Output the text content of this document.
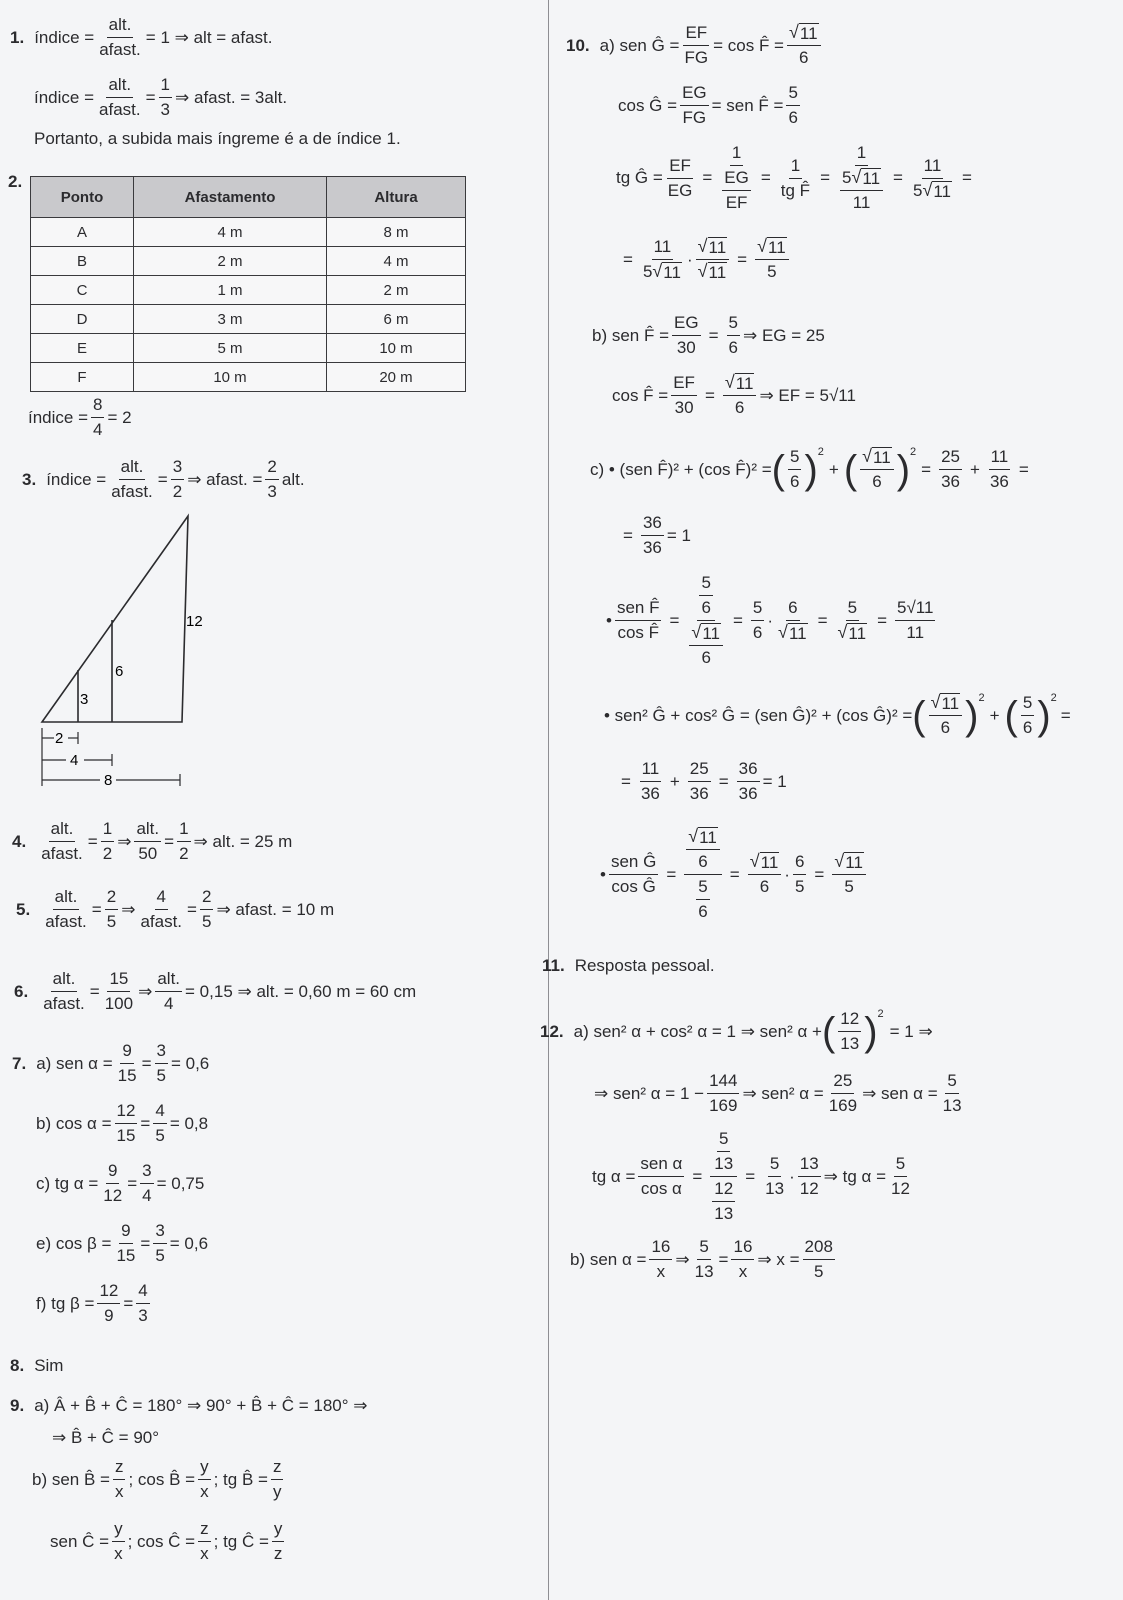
1. índice =
alt.
afast.
= 1 ⇒ alt = afast.
índice =
alt.
afast.
= $\frac{1}{3}$ ⇒ afast. = 3alt.
Portanto, a subida mais íngreme é a de índice 1.
2.
Ponto	Afastamento	Altura
A	4 m	8 m
B	2 m	4 m
C	1 m	2 m
D	3 m	6 m
E	5 m	10 m
F	10 m	20 m
índice = $\frac{8}{4} = 2$
3. índice =
alt.
afast.
= $\frac{3}{2}$ ⇒ afast. = $\frac{2}{3}$ alt.
3
6
12
2
4
8
4.
alt.
afast.
= $\frac{1}{2}$ ⇒
alt.
50
= $\frac{1}{2}$ ⇒ alt. = 25 m
5.
alt.
afast.
= $\frac{2}{5}$ ⇒
4
afast.
= $\frac{2}{5}$ ⇒ afast. = 10 m
6.
alt.
afast.
= $\frac{15}{100}$ ⇒
alt.
4
= 0,15 ⇒ alt. = 0,60 m = 60 cm
7. a) sen $\alpha = \frac{9}{15} = \frac{3}{5} = 0,6$
b) $\cos \alpha = \frac{12}{15} = \frac{4}{5} = 0,8$
c) tg $\alpha = \frac{9}{12} = \frac{3}{4} = 0,75$
e) $\cos \beta = \frac{9}{15} = \frac{3}{5} = 0,6$
f) tg $\beta = \frac{12}{9} = \frac{4}{3}$
8. Sim
9. a) Â + B̂ + Ĉ = 180° ⇒ 90° + B̂ + Ĉ = 180° ⇒
⇒ B̂ + Ĉ = 90°
b) sen B̂ = $\frac{z}{x}$ ; cos B̂ = $\frac{y}{x}$ ; tg B̂ = $\frac{z}{y}$
sen Ĉ = $\frac{y}{x}$ ; cos Ĉ = $\frac{z}{x}$ ; tg Ĉ = $\frac{y}{z}$
10. a) sen Ĝ = $\frac{EF}{FG} = \cos$ F̂ = $\frac{√ 11}{6}$
cos Ĝ = $\frac{EG}{FG}$ = sen F̂ = $\frac{5}{6}$
tg Ĝ = $\frac{EF}{EG}$ =
1
$\frac{EG}{EF} = \frac{1}{\text{tg F̂}} = \frac{1}{\frac{5 √ 11}{11}} = \frac{11}{5 √ 11}$ =
= $\frac{11}{5 √ 11} \cdot \frac{√ 11}{√ 11} = \frac{√ 11}{5}$
b) sen F̂ = $\frac{EG}{30} = \frac{5}{6}$ ⇒ EG = 25
cos F̂ = $\frac{EF}{30} = \frac{√ 11}{6}$ ⇒ EF = 5√11
c) • (sen F̂)² + (cos F̂)² = ( 5
6 )$^2$
+ ( √ 11
6 )$^2$
= $\frac{25}{36} + \frac{11}{36}$ =
= $\frac{36}{36} = 1$
•
sen F̂
cos F̂
= $\frac{\frac{5}{6}}{\frac{√ 11}{6}} = \frac{5}{6} \cdot \frac{6}{√ 11} = \frac{5}{√ 11} = \frac{5√11}{11}$
• sen² Ĝ + cos² Ĝ = (sen Ĝ)² + (cos Ĝ)² = ( √ 11
6 )$^2$
+ ( 5
6 )$^2$
=
= $\frac{11}{36} + \frac{25}{36} = \frac{36}{36} = 1$
•
sen Ĝ
cos Ĝ
= $\frac{\frac{√ 11}{6}}{\frac{5}{6}} = \frac{√ 11}{6} \cdot \frac{6}{5} = \frac{√ 11}{5}$
11. Resposta pessoal.
12. a) sen² α + cos² α = 1 ⇒ sen² α + ( 12
13 )$^2$
= 1 ⇒
⇒ sen² $\alpha = 1 - \frac{144}{169}$ ⇒ sen² $\alpha = \frac{25}{169}$ ⇒ sen $\alpha = \frac{5}{13}$
tg α =
sen α
cos α
= $\frac{\frac{5}{13}}{\frac{12}{13}} = \frac{5}{13}$ ·
13
12
⇒ tg $\alpha = \frac{5}{12}$
b) sen $\alpha = \frac{16}{x}$ ⇒ $\frac{5}{13} = \frac{16}{x}$ ⇒ $x = \frac{208}{5}$
